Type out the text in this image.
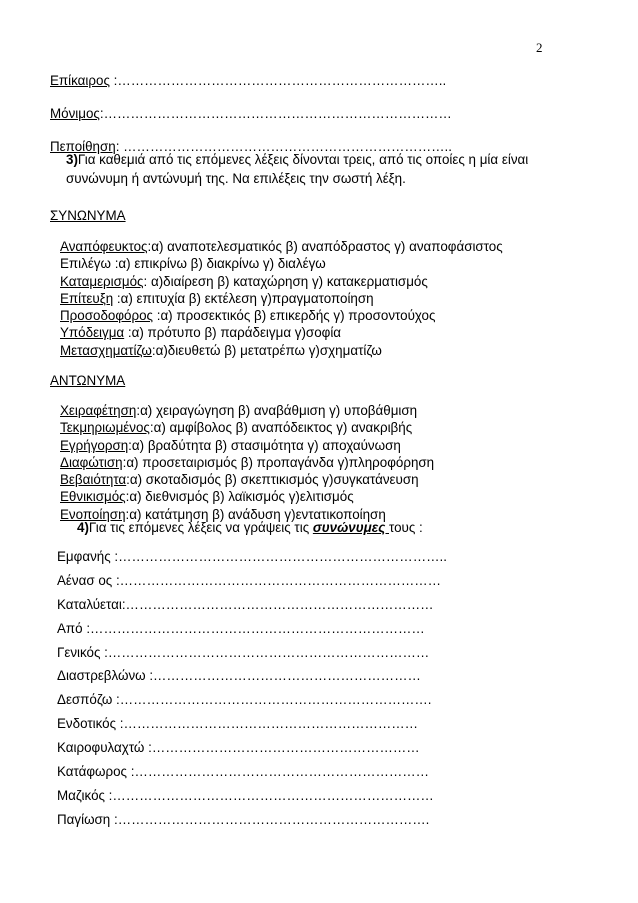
2
Επίκαιρος :………………………………………………………………..
Μόνιμος:……………………………………………………………………
Πεποίθηση: ………………………………………………………………..
3)Για καθεμιά από τις επόμενες λέξεις δίνονται τρεις, από τις οποίες η μία είναι συνώνυμη ή αντώνυμή της. Να επιλέξεις την σωστή λέξη.
ΣΥΝΩΝΥΜΑ
Αναπόφευκτος:α) αναποτελεσματικός β) αναπόδραστος γ) αναποφάσιστος
Επιλέγω :α) επικρίνω β) διακρίνω γ) διαλέγω
Καταμερισμός: α)διαίρεση β) καταχώρηση γ) κατακερματισμός
Επίτευξη :α) επιτυχία β) εκτέλεση γ)πραγματοποίηση
Προσοδοφόρος :α) προσεκτικός β) επικερδής γ) προσοντούχος
Υπόδειγμα :α) πρότυπο β) παράδειγμα γ)σοφία
Μετασχηματίζω:α)διευθετώ β) μετατρέπω γ)σχηματίζω
ΑΝΤΩΝΥΜΑ
Χειραφέτηση:α) χειραγώγηση β) αναβάθμιση γ) υποβάθμιση
Τεκμηριωμένος:α) αμφίβολος β) αναπόδεικτος γ) ανακριβής
Εγρήγορση:α) βραδύτητα β) στασιμότητα γ) αποχαύνωση
Διαφώτιση:α) προσεταιρισμός β) προπαγάνδα γ)πληροφόρηση
Βεβαιότητα:α) σκοταδισμός β) σκεπτικισμός γ)συγκατάνευση
Εθνικισμός:α) διεθνισμός β) λαϊκισμός γ)ελιτισμός
Ενοποίηση:α) κατάτμηση β) ανάδυση γ)εντατικοποίηση
4)Για τις επόμενες λέξεις να γράψεις τις συνώνυμες τους :
Εμφανής :………………………………………………………………..
Αένασ ος :………………………………………………………………
Καταλύεται:……………………………………………………………
Από :…………………………………………………………………
Γενικός :………………………………………………………………
Διαστρεβλώνω :……………………………………………………
Δεσπόζω :…………………………………………………………….
Ενδοτικός :…………………………………………………………
Καιροφυλαχτώ :……………………………………………………
Κατάφωρος :…………………………………………………………
Μαζικός :………………………………………………………………
Παγίωση :…………………………………………………………….
